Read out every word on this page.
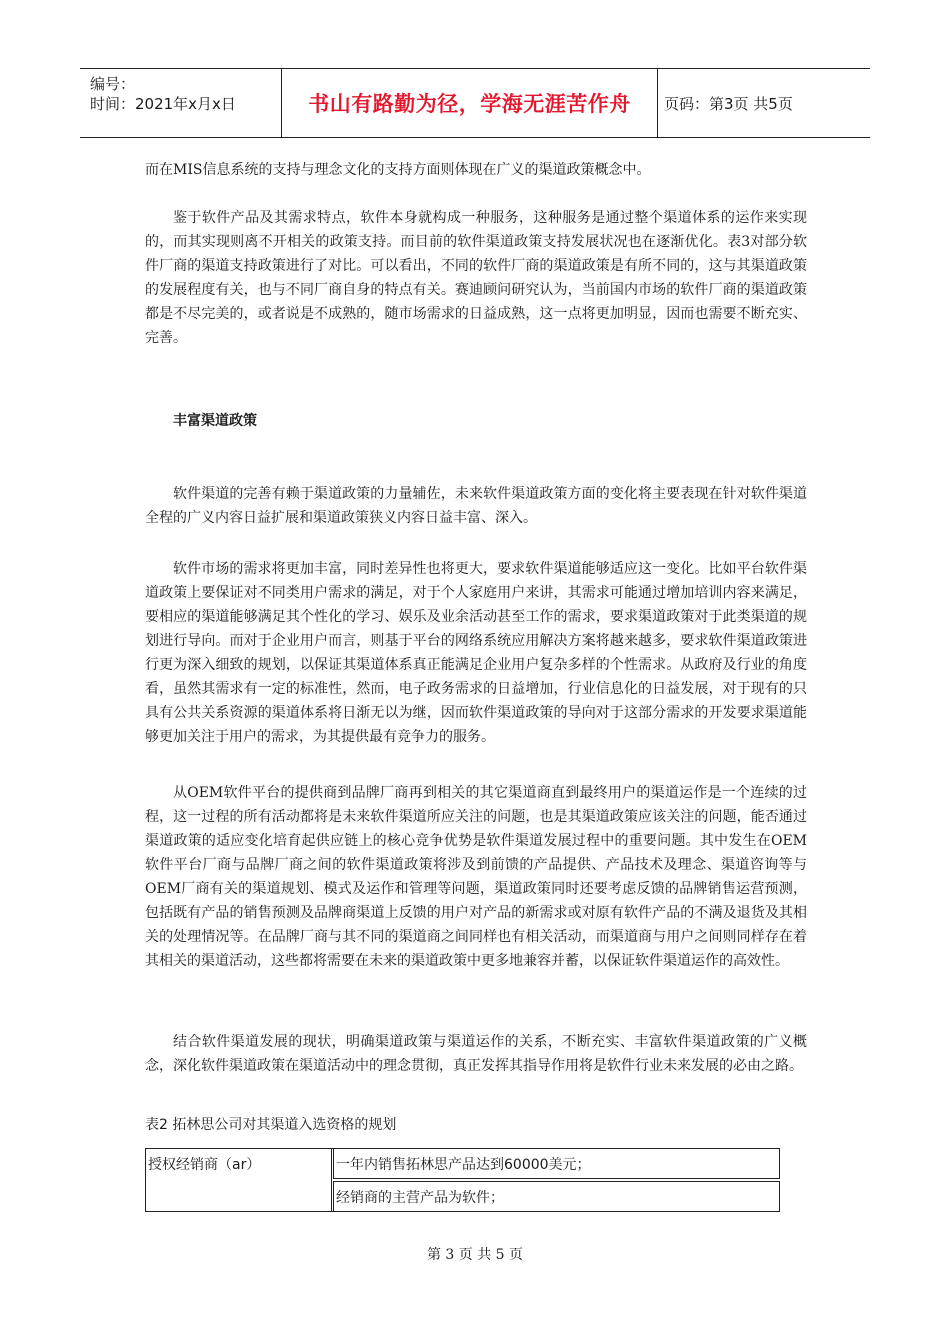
编号：
时间：2021年x月x日	书山有路勤为径，学海无涯苦作舟	页码：第3页 共5页

而在MIS信息系统的支持与理念文化的支持方面则体现在广义的渠道政策概念中。

鉴于软件产品及其需求特点，软件本身就构成一种服务，这种服务是通过整个渠道体系的运作来实现的，而其实现则离不开相关的政策支持。而目前的软件渠道政策支持发展状况也在逐渐优化。表3对部分软件厂商的渠道支持政策进行了对比。可以看出，不同的软件厂商的渠道政策是有所不同的，这与其渠道政策的发展程度有关，也与不同厂商自身的特点有关。赛迪顾问研究认为，当前国内市场的软件厂商的渠道政策都是不尽完美的，或者说是不成熟的，随市场需求的日益成熟，这一点将更加明显，因而也需要不断充实、完善。

丰富渠道政策

软件渠道的完善有赖于渠道政策的力量辅佐，未来软件渠道政策方面的变化将主要表现在针对软件渠道全程的广义内容日益扩展和渠道政策狭义内容日益丰富、深入。

软件市场的需求将更加丰富，同时差异性也将更大，要求软件渠道能够适应这一变化。比如平台软件渠道政策上要保证对不同类用户需求的满足，对于个人家庭用户来讲，其需求可能通过增加培训内容来满足，要相应的渠道能够满足其个性化的学习、娱乐及业余活动甚至工作的需求，要求渠道政策对于此类渠道的规划进行导向。而对于企业用户而言，则基于平台的网络系统应用解决方案将越来越多，要求软件渠道政策进行更为深入细致的规划，以保证其渠道体系真正能满足企业用户复杂多样的个性需求。从政府及行业的角度看，虽然其需求有一定的标准性，然而，电子政务需求的日益增加，行业信息化的日益发展，对于现有的只具有公共关系资源的渠道体系将日渐无以为继，因而软件渠道政策的导向对于这部分需求的开发要求渠道能够更加关注于用户的需求，为其提供最有竞争力的服务。

从OEM软件平台的提供商到品牌厂商再到相关的其它渠道商直到最终用户的渠道运作是一个连续的过程，这一过程的所有活动都将是未来软件渠道所应关注的问题，也是其渠道政策应该关注的问题，能否通过渠道政策的适应变化培育起供应链上的核心竞争优势是软件渠道发展过程中的重要问题。其中发生在OEM软件平台厂商与品牌厂商之间的软件渠道政策将涉及到前馈的产品提供、产品技术及理念、渠道咨询等与OEM厂商有关的渠道规划、模式及运作和管理等问题，渠道政策同时还要考虑反馈的品牌销售运营预测，包括既有产品的销售预测及品牌商渠道上反馈的用户对产品的新需求或对原有软件产品的不满及退货及其相关的处理情况等。在品牌厂商与其不同的渠道商之间同样也有相关活动，而渠道商与用户之间则同样存在着其相关的渠道活动，这些都将需要在未来的渠道政策中更多地兼容并蓄，以保证软件渠道运作的高效性。

结合软件渠道发展的现状，明确渠道政策与渠道运作的关系，不断充实、丰富软件渠道政策的广义概念，深化软件渠道政策在渠道活动中的理念贯彻，真正发挥其指导作用将是软件行业未来发展的必由之路。

表2 拓林思公司对其渠道入选资格的规划
授权经销商（ar）	一年内销售拓林思产品达到60000美元；
经销商的主营产品为软件；
第 3 页 共 5 页
